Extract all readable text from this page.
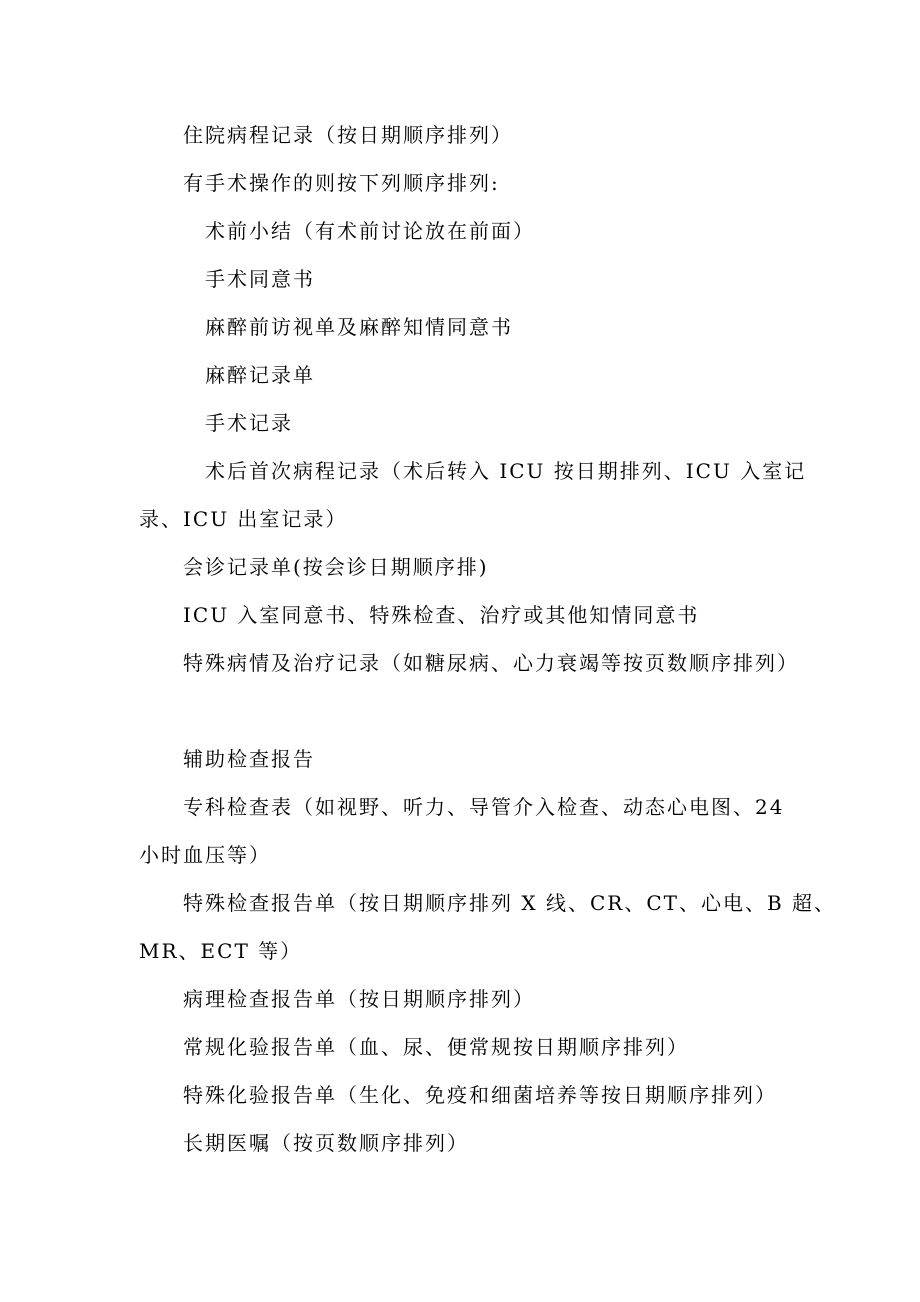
住院病程记录（按日期顺序排列）
有手术操作的则按下列顺序排列:
术前小结（有术前讨论放在前面）
手术同意书
麻醉前访视单及麻醉知情同意书
麻醉记录单
手术记录
术后首次病程记录（术后转入 ICU 按日期排列、ICU 入室记
录、ICU 出室记录）
会诊记录单(按会诊日期顺序排)
ICU 入室同意书、特殊检查、治疗或其他知情同意书
特殊病情及治疗记录（如糖尿病、心力衰竭等按页数顺序排列）
辅助检查报告
专科检查表（如视野、听力、导管介入检查、动态心电图、24
小时血压等）
特殊检查报告单（按日期顺序排列 X 线、CR、CT、心电、B 超、
MR、ECT 等）
病理检查报告单（按日期顺序排列）
常规化验报告单（血、尿、便常规按日期顺序排列）
特殊化验报告单（生化、免疫和细菌培养等按日期顺序排列）
长期医嘱（按页数顺序排列）
